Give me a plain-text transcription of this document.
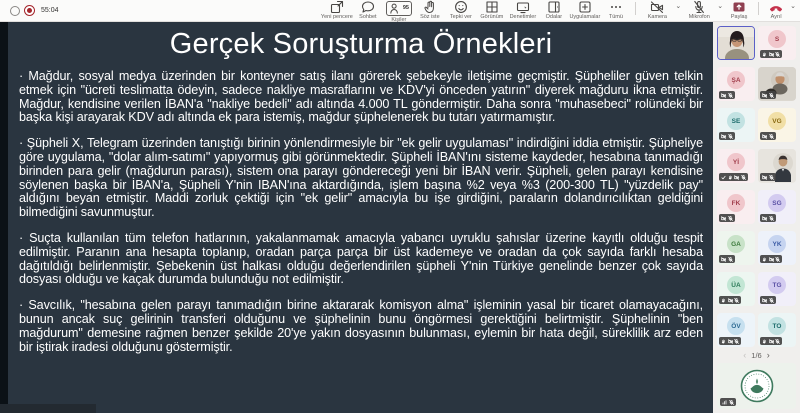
55:04
Yeni pencere Sohbet
95
Kişiler Söz iste Tepki ver Görünüm Denetimler Odalar Uygulamalar Tümü	Kamera
⌄
Mikrofon
⌄
Paylaş	Ayrıl
⌄
Gerçek Soruşturma Örnekleri

· Mağdur, sosyal medya üzerinden bir konteyner satış ilanı görerek şebekeyle iletişime geçmiştir. Şüpheliler güven telkin etmek için "ücreti teslimatta ödeyin, sadece nakliye masraflarını ve KDV'yi önceden yatırın" diyerek mağduru ikna etmiştir. Mağdur, kendisine verilen İBAN'a "nakliye bedeli" adı altında 4.000 TL göndermiştir. Daha sonra "muhasebeci" rolündeki bir başka kişi arayarak KDV adı altında ek para istemiş, mağdur şüphelenerek bu tutarı yatırmamıştır.

· Şüpheli X, Telegram üzerinden tanıştığı birinin yönlendirmesiyle bir "ek gelir uygulaması" indirdiğini iddia etmiştir. Şüpheliye göre uygulama, "dolar alım-satımı" yapıyormuş gibi görünmektedir. Şüpheli İBAN'ını sisteme kaydeder, hesabına tanımadığı birinden para gelir (mağdurun parası), sistem ona parayı göndereceği yeni bir İBAN verir. Şüpheli, gelen parayı kendisine söylenen başka bir İBAN'a, Şüpheli Y'nin IBAN'ına aktardığında, işlem başına %2 veya %3 (200-300 TL) "yüzdelik pay" aldığını beyan etmiştir. Maddi zorluk çektiği için "ek gelir" amacıyla bu işe girdiğini, paraların dolandırıcılıktan geldiğini bilmediğini savunmuştur.

· Suçta kullanılan tüm telefon hatlarının, yakalanmamak amacıyla yabancı uyruklu şahıslar üzerine kayıtlı olduğu tespit edilmiştir. Paranın ana hesapta toplanıp, oradan parça parça bir üst kademeye ve oradan da çok sayıda farklı hesaba dağıtıldığı belirlenmiştir. Şebekenin üst halkası olduğu değerlendirilen şüpheli Y'nin Türkiye genelinde benzer çok sayıda dosyası olduğu ve kaçak durumda bulunduğu not edilmiştir.

· Savcılık, "hesabına gelen parayı tanımadığın birine aktararak komisyon alma" işleminin yasal bir ticaret olamayacağını, bunun ancak suç gelirinin transferi olduğunu ve şüphelinin bunu öngörmesi gerektiğini belirtmiştir. Şüphelinin "ben mağdurum" demesine rağmen benzer şekilde 20'ye yakın dosyasının bulunması, eylemin bir hata değil, süreklilik arz eden bir iştirak iradesi olduğunu göstermiştir.

S
ŞA
SE	VG
Yİ
FK	SG
GA	YK
ÜA	TG
ÖV	TO
‹ 1/6 ›
